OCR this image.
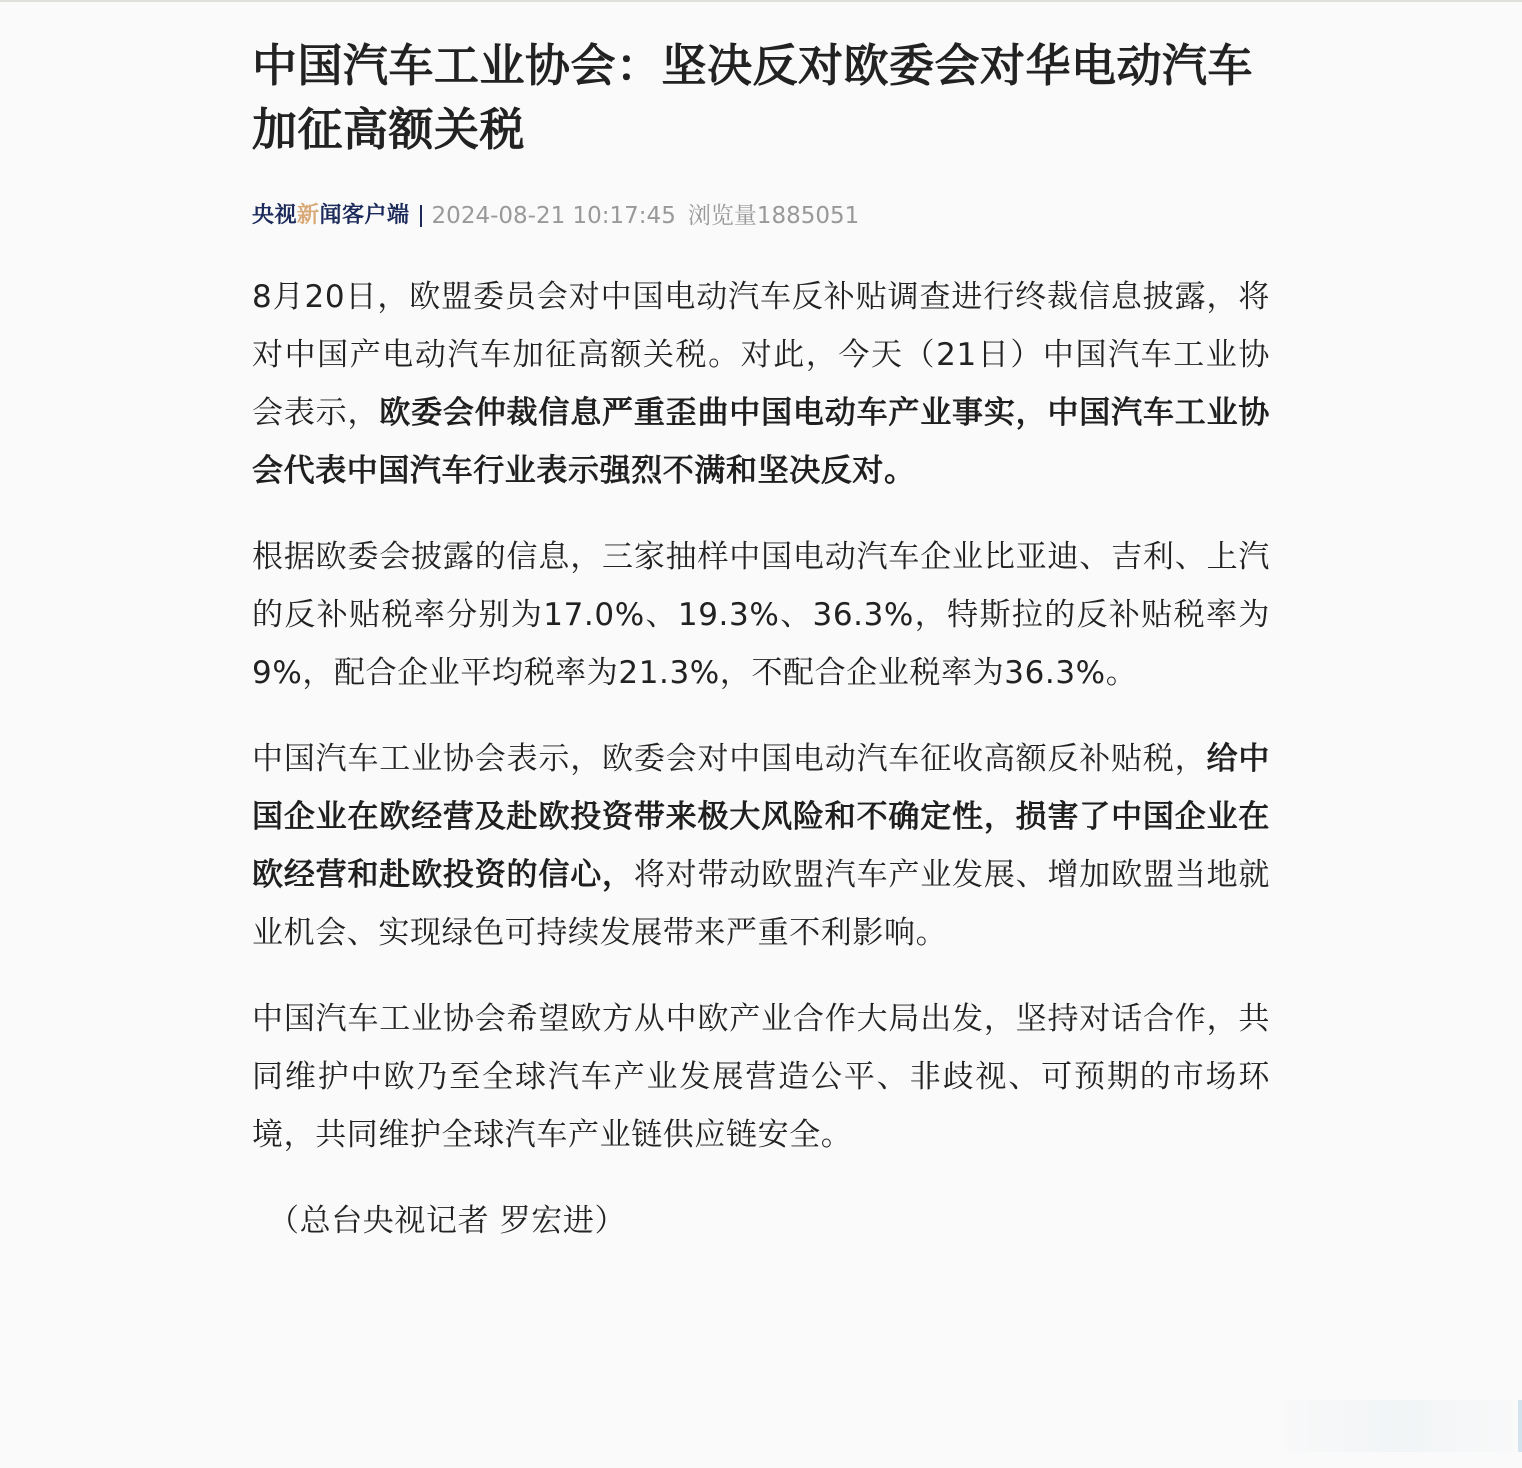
中国汽车工业协会：坚决反对欧委会对华电动汽车加征高额关税
央视新闻客户端 2024-08-21 10:17:45 浏览量 1885051

8月20日，欧盟委员会对中国电动汽车反补贴调查进行终裁信息披露，将对中国产电动汽车加征高额关税。对此，今天（21日）中国汽车工业协会表示，欧委会仲裁信息严重歪曲中国电动车产业事实，中国汽车工业协会代表中国汽车行业表示强烈不满和坚决反对。

根据欧委会披露的信息，三家抽样中国电动汽车企业比亚迪、吉利、上汽的反补贴税率分别为17.0%、19.3%、36.3%，特斯拉的反补贴税率为9%，配合企业平均税率为21.3%，不配合企业税率为36.3%。

中国汽车工业协会表示，欧委会对中国电动汽车征收高额反补贴税，给中国企业在欧经营及赴欧投资带来极大风险和不确定性，损害了中国企业在欧经营和赴欧投资的信心，将对带动欧盟汽车产业发展、增加欧盟当地就业机会、实现绿色可持续发展带来严重不利影响。

中国汽车工业协会希望欧方从中欧产业合作大局出发，坚持对话合作，共同维护中欧乃至全球汽车产业发展营造公平、非歧视、可预期的市场环境，共同维护全球汽车产业链供应链安全。

（总台央视记者 罗宏进）
